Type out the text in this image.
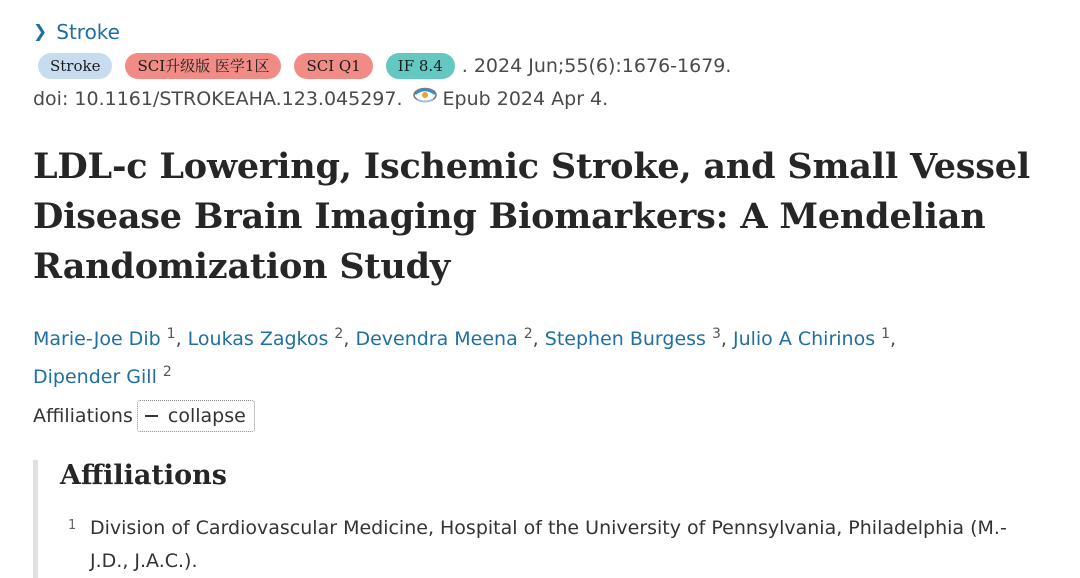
❯ Stroke
Stroke	SCI升级版 医学1区	SCI Q1	IF 8.4	. 2024 Jun;55(6):1676-1679.
doi: 10.1161/STROKEAHA.123.045297. Epub 2024 Apr 4.
LDL-c Lowering, Ischemic Stroke, and Small Vessel Disease Brain Imaging Biomarkers: A Mendelian Randomization Study
Marie-Joe Dib $^1$, Loukas Zagkos $^2$, Devendra Meena $^2$, Stephen Burgess $^3$, Julio A Chirinos $^1$,
Dipender Gill $^2$
Affiliations collapse
Affiliations
1 Division of Cardiovascular Medicine, Hospital of the University of Pennsylvania, Philadelphia (M.-J.D., J.A.C.).
